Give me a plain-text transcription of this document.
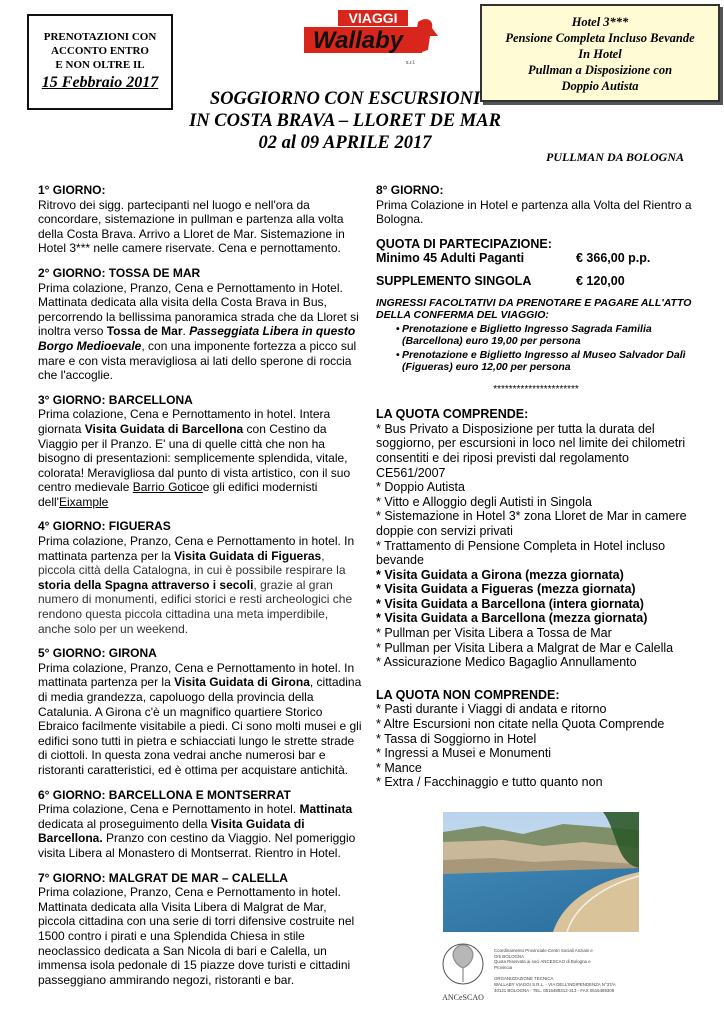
PRENOTAZIONI CON
ACCONTO ENTRO
E NON OLTRE IL
15 Febbraio 2017
VIAGGI
Wallaby
s.r.l.
Hotel 3***
Pensione Completa Incluso Bevande
In Hotel
Pullman a Disposizione con
Doppio Autista
SOGGIORNO CON ESCURSIONI
IN COSTA BRAVA – LLORET DE MAR
02 al 09 APRILE 2017
PULLMAN DA BOLOGNA
1° GIORNO:

Ritrovo dei sigg. partecipanti nel luogo e nell'ora da concordare, sistemazione in pullman e partenza alla volta della Costa Brava. Arrivo a Lloret de Mar. Sistemazione in Hotel 3*** nelle camere riservate. Cena e pernottamento.

2° GIORNO: TOSSA DE MAR

Prima colazione, Pranzo, Cena e Pernottamento in Hotel. Mattinata dedicata alla visita della Costa Brava in Bus, percorrendo la bellissima panoramica strada che da Lloret si inoltra verso Tossa de Mar. Passeggiata Libera in questo Borgo Medioevale, con una imponente fortezza a picco sul mare e con vista meravigliosa ai lati dello sperone di roccia che l'accoglie.

3° GIORNO: BARCELLONA

Prima colazione, Cena e Pernottamento in hotel. Intera giornata Visita Guidata di Barcellona con Cestino da Viaggio per il Pranzo. E' una di quelle città che non ha bisogno di presentazioni: semplicemente splendida, vitale, colorata! Meravigliosa dal punto di vista artistico, con il suo centro medievale Barrio Goticoe gli edifici modernisti dell'Eixample

4° GIORNO: FIGUERAS

Prima colazione, Pranzo, Cena e Pernottamento in hotel. In mattinata partenza per la Visita Guidata di Figueras, piccola città della Catalogna, in cui è possibile respirare la storia della Spagna attraverso i secoli, grazie al gran numero di monumenti, edifici storici e resti archeologici che rendono questa piccola cittadina una meta imperdibile, anche solo per un weekend.

5° GIORNO: GIRONA

Prima colazione, Pranzo, Cena e Pernottamento in hotel. In mattinata partenza per la Visita Guidata di Girona, cittadina di media grandezza, capoluogo della provincia della Catalunia. A Girona c'è un magnifico quartiere Storico Ebraico facilmente visitabile a piedi. Ci sono molti musei e gli edifici sono tutti in pietra e schiacciati lungo le strette strade di ciottoli. In questa zona vedrai anche numerosi bar e ristoranti caratteristici, ed è ottima per acquistare antichità.

6° GIORNO: BARCELLONA E MONTSERRAT

Prima colazione, Cena e Pernottamento in hotel. Mattinata dedicata al proseguimento della Visita Guidata di Barcellona. Pranzo con cestino da Viaggio. Nel pomeriggio visita Libera al Monastero di Montserrat. Rientro in Hotel.

7° GIORNO: MALGRAT DE MAR – CALELLA

Prima colazione, Pranzo, Cena e Pernottamento in hotel. Mattinata dedicata alla Visita Libera di Malgrat de Mar, piccola cittadina con una serie di torri difensive costruite nel 1500 contro i pirati e una Splendida Chiesa in stile neoclassico dedicata a San Nicola di bari e Calella, un immensa isola pedonale di 15 piazze dove turisti e cittadini passeggiano ammirando negozi, ristoranti e bar.

8° GIORNO:

Prima Colazione in Hotel e partenza alla Volta del Rientro a Bologna.

QUOTA DI PARTECIPAZIONE:
Minimo 45 Adulti Paganti	€ 366,00 p.p.
SUPPLEMENTO SINGOLA	€ 120,00
INGRESSI FACOLTATIVI DA PRENOTARE E PAGARE ALL'ATTO DELLA CONFERMA DEL VIAGGIO:
• Prenotazione e Biglietto Ingresso Sagrada Familia (Barcellona) euro 19,00 per persona
• Prenotazione e Biglietto Ingresso al Museo Salvador Dalì (Figueras) euro 12,00 per persona
**********************
LA QUOTA COMPRENDE:
* Bus Privato a Disposizione per tutta la durata del soggiorno, per escursioni in loco nel limite dei chilometri consentiti e dei riposi previsti dal regolamento CE561/2007
* Doppio Autista
* Vitto e Alloggio degli Autisti in Singola
* Sistemazione in Hotel 3* zona Lloret de Mar in camere doppie con servizi privati
* Trattamento di Pensione Completa in Hotel incluso bevande
* Visita Guidata a Girona (mezza giornata)
* Visita Guidata a Figueras (mezza giornata)
* Visita Guidata a Barcellona (intera giornata)
* Visita Guidata a Barcellona (mezza giornata)
* Pullman per Visita Libera a Tossa de Mar
* Pullman per Visita Libera a Malgrat de Mar e Calella
* Assicurazione Medico Bagaglio Annullamento
LA QUOTA NON COMPRENDE:
* Pasti durante i Viaggi di andata e ritorno
* Altre Escursioni non citate nella Quota Comprende
* Tassa di Soggiorno in Hotel
* Ingressi a Musei e Monumenti
* Mance
* Extra / Facchinaggio e tutto quanto non
ANCeSCAO
Coordinamento Provinciale Centri Sociali Anziani e
Orti BOLOGNA
Quota Riservata ai soci ANCESCAO di Bologna e
Provincia
ORGANIZZAZIONE TECNICA
WALLABY VIAGGI S.R.L. - VIA DELL'INDIPENDENZA N°37/A
40121 BOLOGNA - TEL. 0516489312-313 - FAX 0516489309
